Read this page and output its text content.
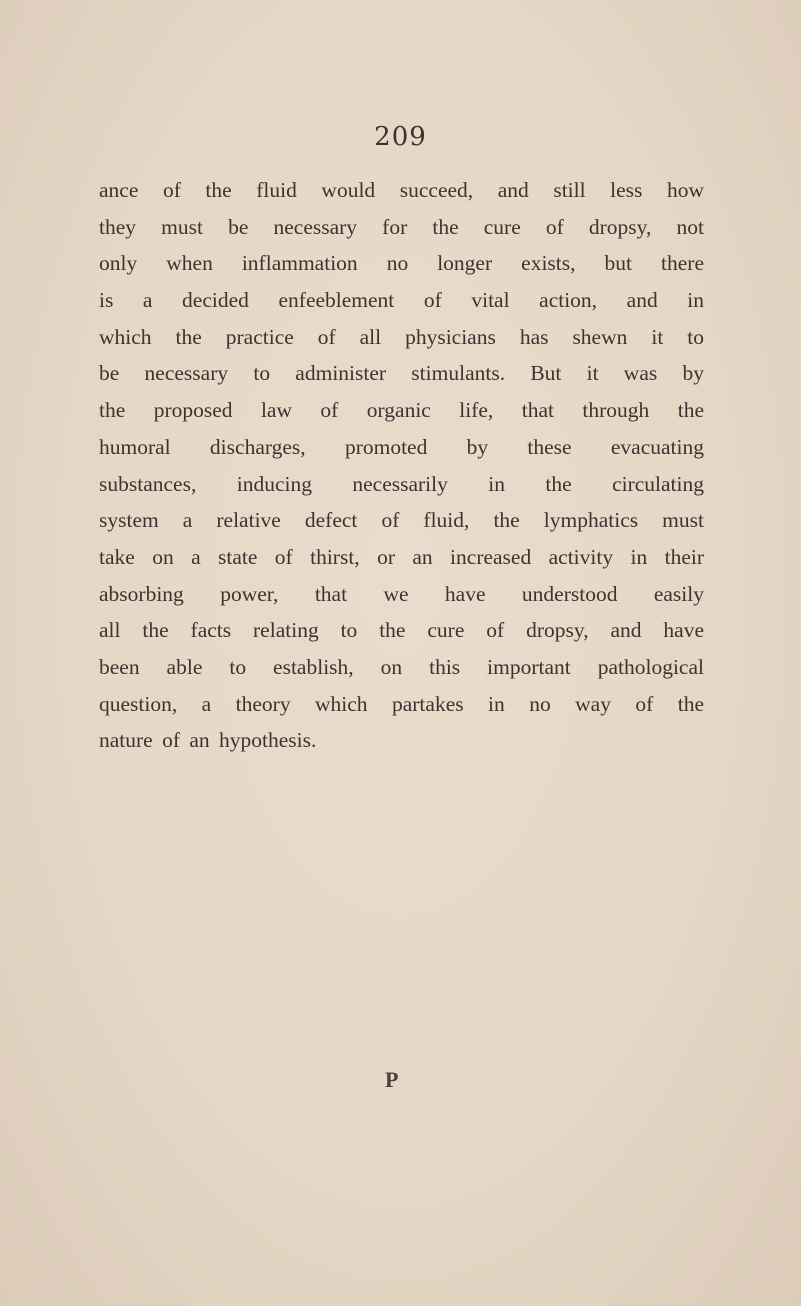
209
ance of the fluid would succeed, and still less how
they must be necessary for the cure of dropsy, not
only when inflammation no longer exists, but there
is a decided enfeeblement of vital action, and in
which the practice of all physicians has shewn it to
be necessary to administer stimulants. But it was by
the proposed law of organic life, that through the
humoral discharges, promoted by these evacuating
substances, inducing necessarily in the circulating
system a relative defect of fluid, the lymphatics must
take on a state of thirst, or an increased activity in their
absorbing power, that we have understood easily
all the facts relating to the cure of dropsy, and have
been able to establish, on this important pathological
question, a theory which partakes in no way of the
nature of an hypothesis.
P
